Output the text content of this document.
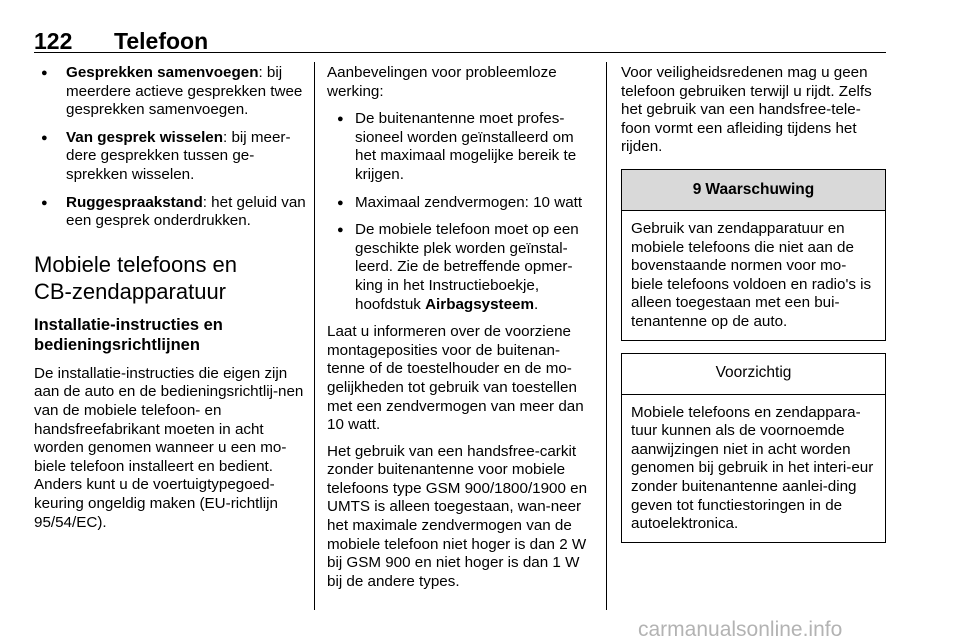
122 Telefoon
● Gesprekken samenvoegen: bij meerdere actieve gesprekken twee gesprekken samenvoegen.
● Van gesprek wisselen: bij meer-dere gesprekken tussen ge-sprekken wisselen.
● Ruggespraakstand: het geluid van een gesprek onderdrukken.
Mobiele telefoons en
CB-zendapparatuur
Installatie-instructies en
bedieningsrichtlijnen

De installatie-instructies die eigen zijn aan de auto en de bedieningsrichtlij-nen van de mobiele telefoon- en handsfreefabrikant moeten in acht worden genomen wanneer u een mo-biele telefoon installeert en bedient. Anders kunt u de voertuigtypegoed-keuring ongeldig maken (EU-richtlijn 95/54/EC).

Aanbevelingen voor probleemloze werking:

● De buitenantenne moet profes-sioneel worden geïnstalleerd om het maximaal mogelijke bereik te krijgen.
● Maximaal zendvermogen: 10 watt
● De mobiele telefoon moet op een geschikte plek worden geïnstal-leerd. Zie de betreffende opmer-king in het Instructieboekje, hoofdstuk Airbagsysteem.

Laat u informeren over de voorziene montageposities voor de buitenan-tenne of de toestelhouder en de mo-gelijkheden tot gebruik van toestellen met een zendvermogen van meer dan 10 watt.

Het gebruik van een handsfree-carkit zonder buitenantenne voor mobiele telefoons type GSM 900/1800/1900 en UMTS is alleen toegestaan, wan-neer het maximale zendvermogen van de mobiele telefoon niet hoger is dan 2 W bij GSM 900 en niet hoger is dan 1 W bij de andere types.

Voor veiligheidsredenen mag u geen telefoon gebruiken terwijl u rijdt. Zelfs het gebruik van een handsfree-tele-foon vormt een afleiding tijdens het rijden.

9 Waarschuwing
Gebruik van zendapparatuur en mobiele telefoons die niet aan de bovenstaande normen voor mo-biele telefoons voldoen en radio's is alleen toegestaan met een bui-tenantenne op de auto.
Voorzichtig
Mobiele telefoons en zendappara-tuur kunnen als de voornoemde aanwijzingen niet in acht worden genomen bij gebruik in het interi-eur zonder buitenantenne aanlei-ding geven tot functiestoringen in de autoelektronica.
carmanualsonline.info
